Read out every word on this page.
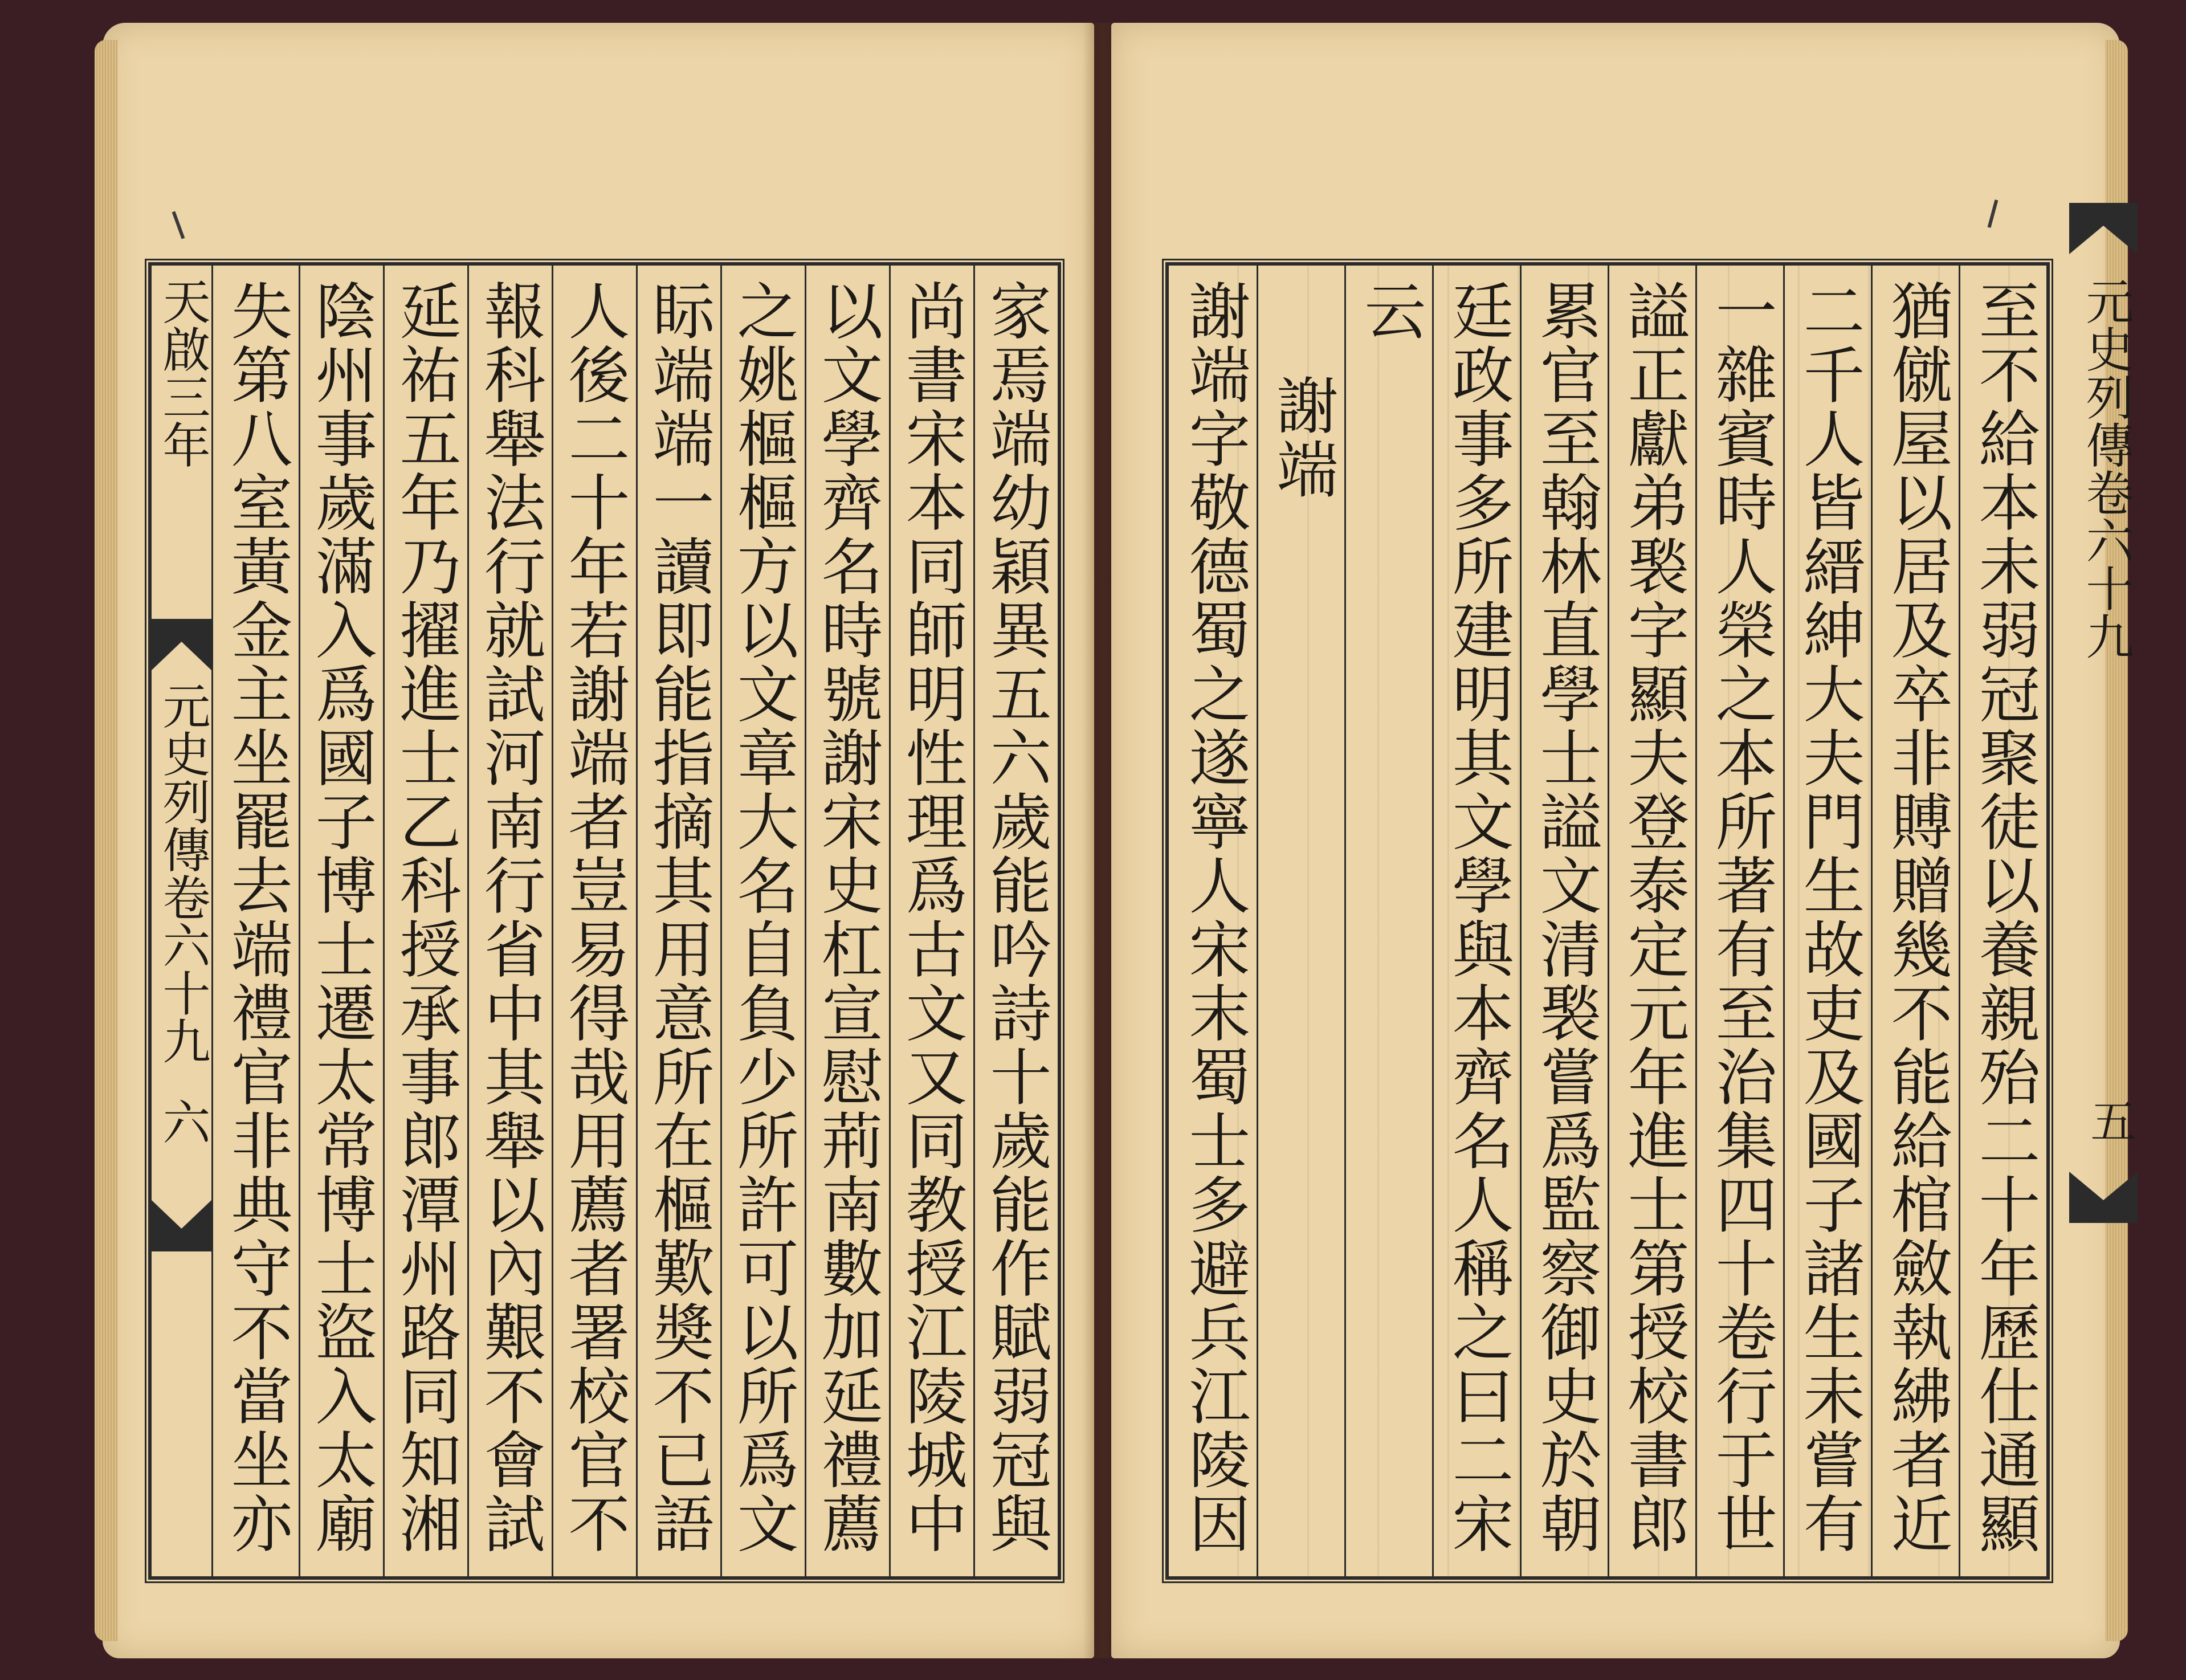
家焉端幼穎異五六歲能吟詩十歲能作賦弱冠與
尚書宋本同師明性理爲古文又同教授江陵城中
以文學齊名時號謝宋史杠宣慰荊南數加延禮薦
之姚樞樞方以文章大名自負少所許可以所爲文
眎端端一讀即能指摘其用意所在樞歎奬不已語
人後二十年若謝端者豈易得哉用薦者署校官不
報科舉法行就試河南行省中其舉以內艱不會試
延祐五年乃擢進士乙科授承事郎潭州路同知湘
陰州事歲滿入爲國子博士遷太常博士盜入太廟
失第八室黃金主坐罷去端禮官非典守不當坐亦
天啟三年
元史列傳卷六十九
六	至不給本未弱冠聚徒以養親殆二十年歷仕通顯
猶僦屋以居及卒非賻贈幾不能給棺斂執紼者近
二千人皆縉紳大夫門生故吏及國子諸生未嘗有
一雜賓時人榮之本所著有至治集四十卷行于世
謚正獻弟褧字顯夫登泰定元年進士第授校書郎
累官至翰林直學士謚文清褧嘗爲監察御史於朝
廷政事多所建明其文學與本齊名人稱之曰二宋
云
謝端
謝端字敬德蜀之遂寧人宋末蜀士多避兵江陵因	元史列傳卷六十九
五
